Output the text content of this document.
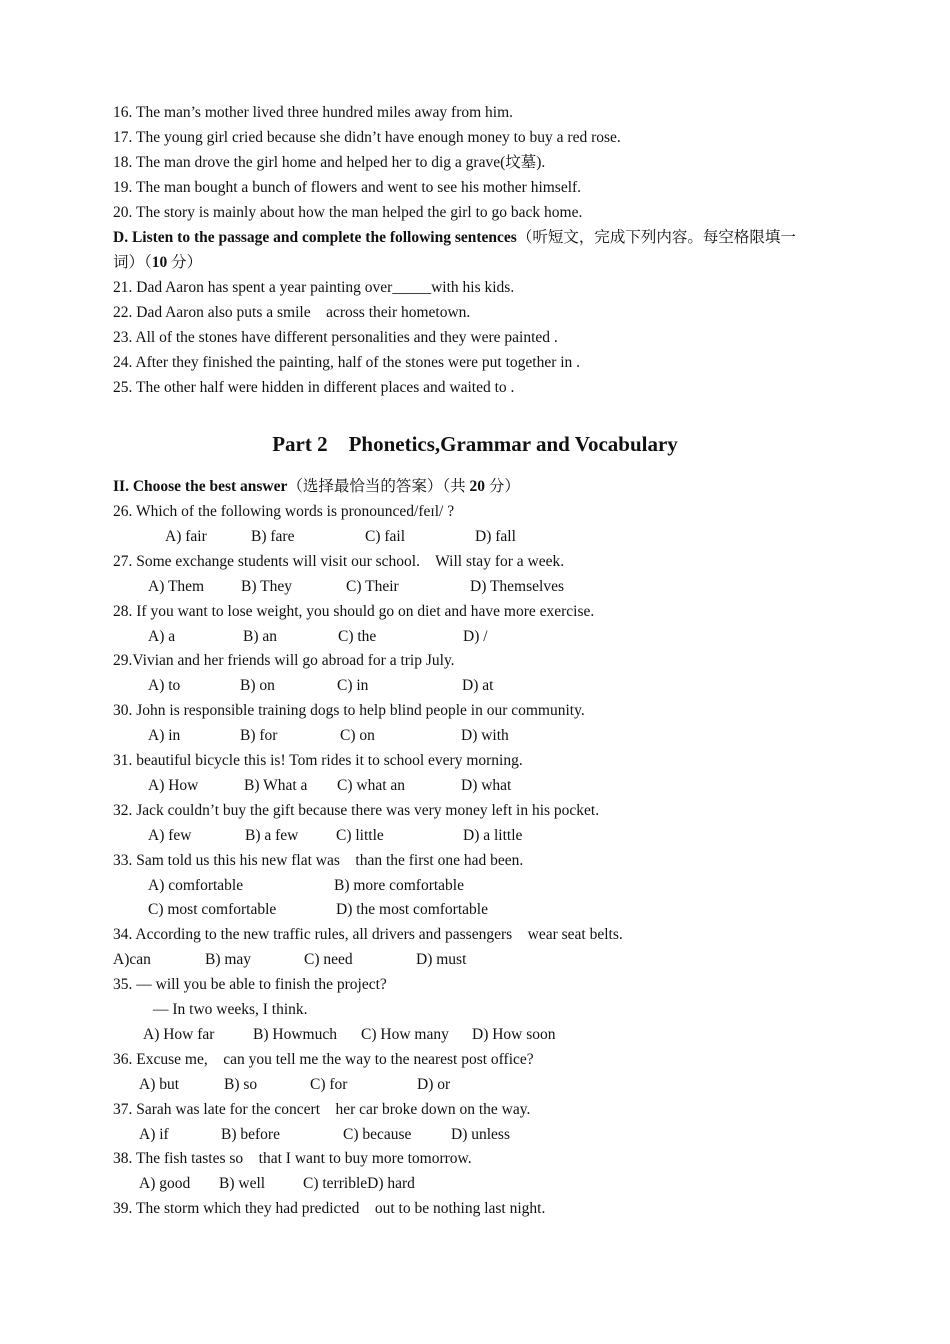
16. The man’s mother lived three hundred miles away from him.
17. The young girl cried because she didn’t have enough money to buy a red rose.
18. The man drove the girl home and helped her to dig a grave(坟墓).
19. The man bought a bunch of flowers and went to see his mother himself.
20. The story is mainly about how the man helped the girl to go back home.
D. Listen to the passage and complete the following sentences（听短文，完成下列内容。每空格限填一
词）（10 分）
21. Dad Aaron has spent a year painting over_____with his kids.
22. Dad Aaron also puts a smile    across their hometown.
23. All of the stones have different personalities and they were painted .
24. After they finished the painting, half of the stones were put together in .
25. The other half were hidden in different places and waited to .
Part 2    Phonetics,Grammar and Vocabulary
II. Choose the best answer（选择最恰当的答案）（共 20 分）
26. Which of the following words is pronounced/feɪl/ ?
A) fair	B) fare	C) fail	D) fall
27. Some exchange students will visit our school.    Will stay for a week.
A) Them B) They	C) Their	D) Themselves
28. If you want to lose weight, you should go on diet and have more exercise.
A) a	B) an	C) the	D) /
29.Vivian and her friends will go abroad for a trip July.
A) to	B) on	C) in	D) at
30. John is responsible training dogs to help blind people in our community.
A) in	B) for	C) on	D) with
31. beautiful bicycle this is! Tom rides it to school every morning.
A) How	B) What a C) what an	D) what
32. Jack couldn’t buy the gift because there was very money left in his pocket.
A) few	B) a few C) little	D) a little
33. Sam told us this his new flat was    than the first one had been.
A) comfortable	B) more comfortable
C) most comfortable	D) the most comfortable
34. According to the new traffic rules, all drivers and passengers    wear seat belts.
A)can	B) may	C) need	D) must
35. — will you be able to finish the project?
— In two weeks, I think.
A) How far B) Howmuch C) How many D) How soon
36. Excuse me,    can you tell me the way to the nearest post office?
A) but	B) so	C) for	D) or
37. Sarah was late for the concert    her car broke down on the way.
A) if	B) before	C) because	D) unless
38. The fish tastes so    that I want to buy more tomorrow.
A) good B) well C) terribleD) hard
39. The storm which they had predicted    out to be nothing last night.
